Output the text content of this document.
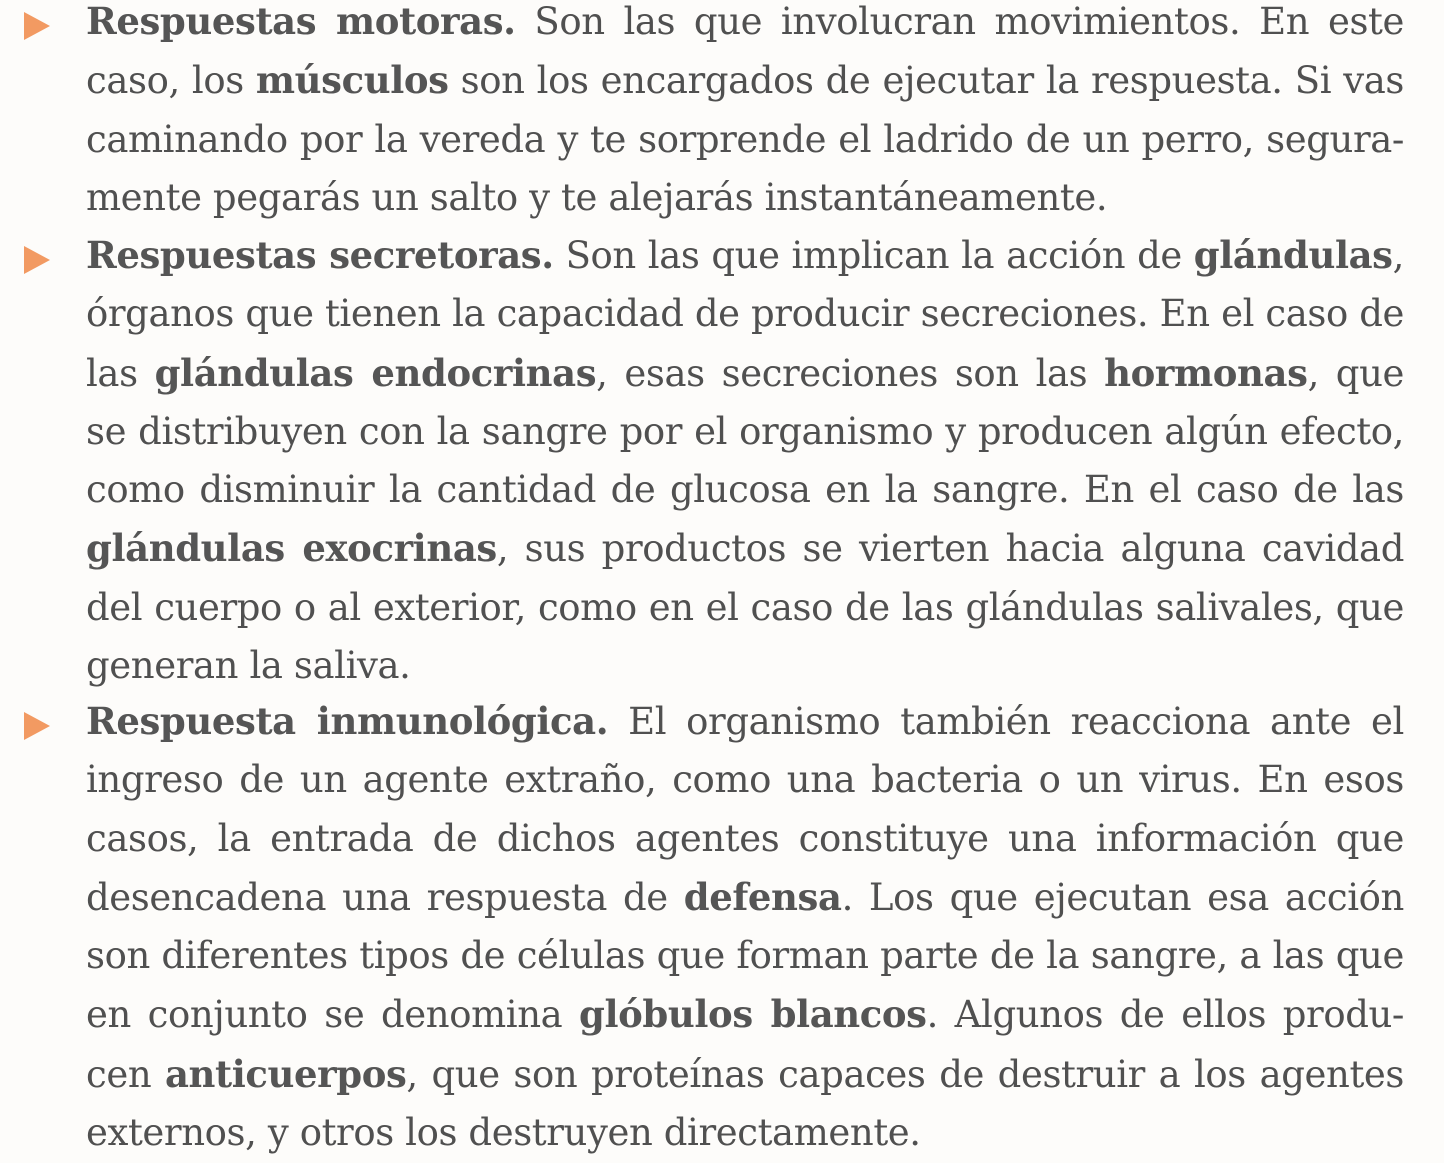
Respuestas motoras. Son las que involucran movimientos. En este caso, los músculos son los encargados de ejecutar la respuesta. Si vas caminando por la vereda y te sorprende el ladrido de un perro, segura-mente pegarás un salto y te alejarás instantáneamente.

Respuestas secretoras. Son las que implican la acción de glándulas, órganos que tienen la capacidad de producir secreciones. En el caso de las glándulas endocrinas, esas secreciones son las hormonas, que se distribuyen con la sangre por el organismo y producen algún efecto, como disminuir la cantidad de glucosa en la sangre. En el caso de las glándulas exocrinas, sus productos se vierten hacia alguna cavidad del cuerpo o al exterior, como en el caso de las glándulas salivales, que generan la saliva.

Respuesta inmunológica. El organismo también reacciona ante el ingreso de un agente extraño, como una bacteria o un virus. En esos casos, la entrada de dichos agentes constituye una información que desencadena una respuesta de defensa. Los que ejecutan esa acción son diferentes tipos de células que forman parte de la sangre, a las que en conjunto se denomina glóbulos blancos. Algunos de ellos produ-cen anticuerpos, que son proteínas capaces de destruir a los agentes externos, y otros los destruyen directamente.
